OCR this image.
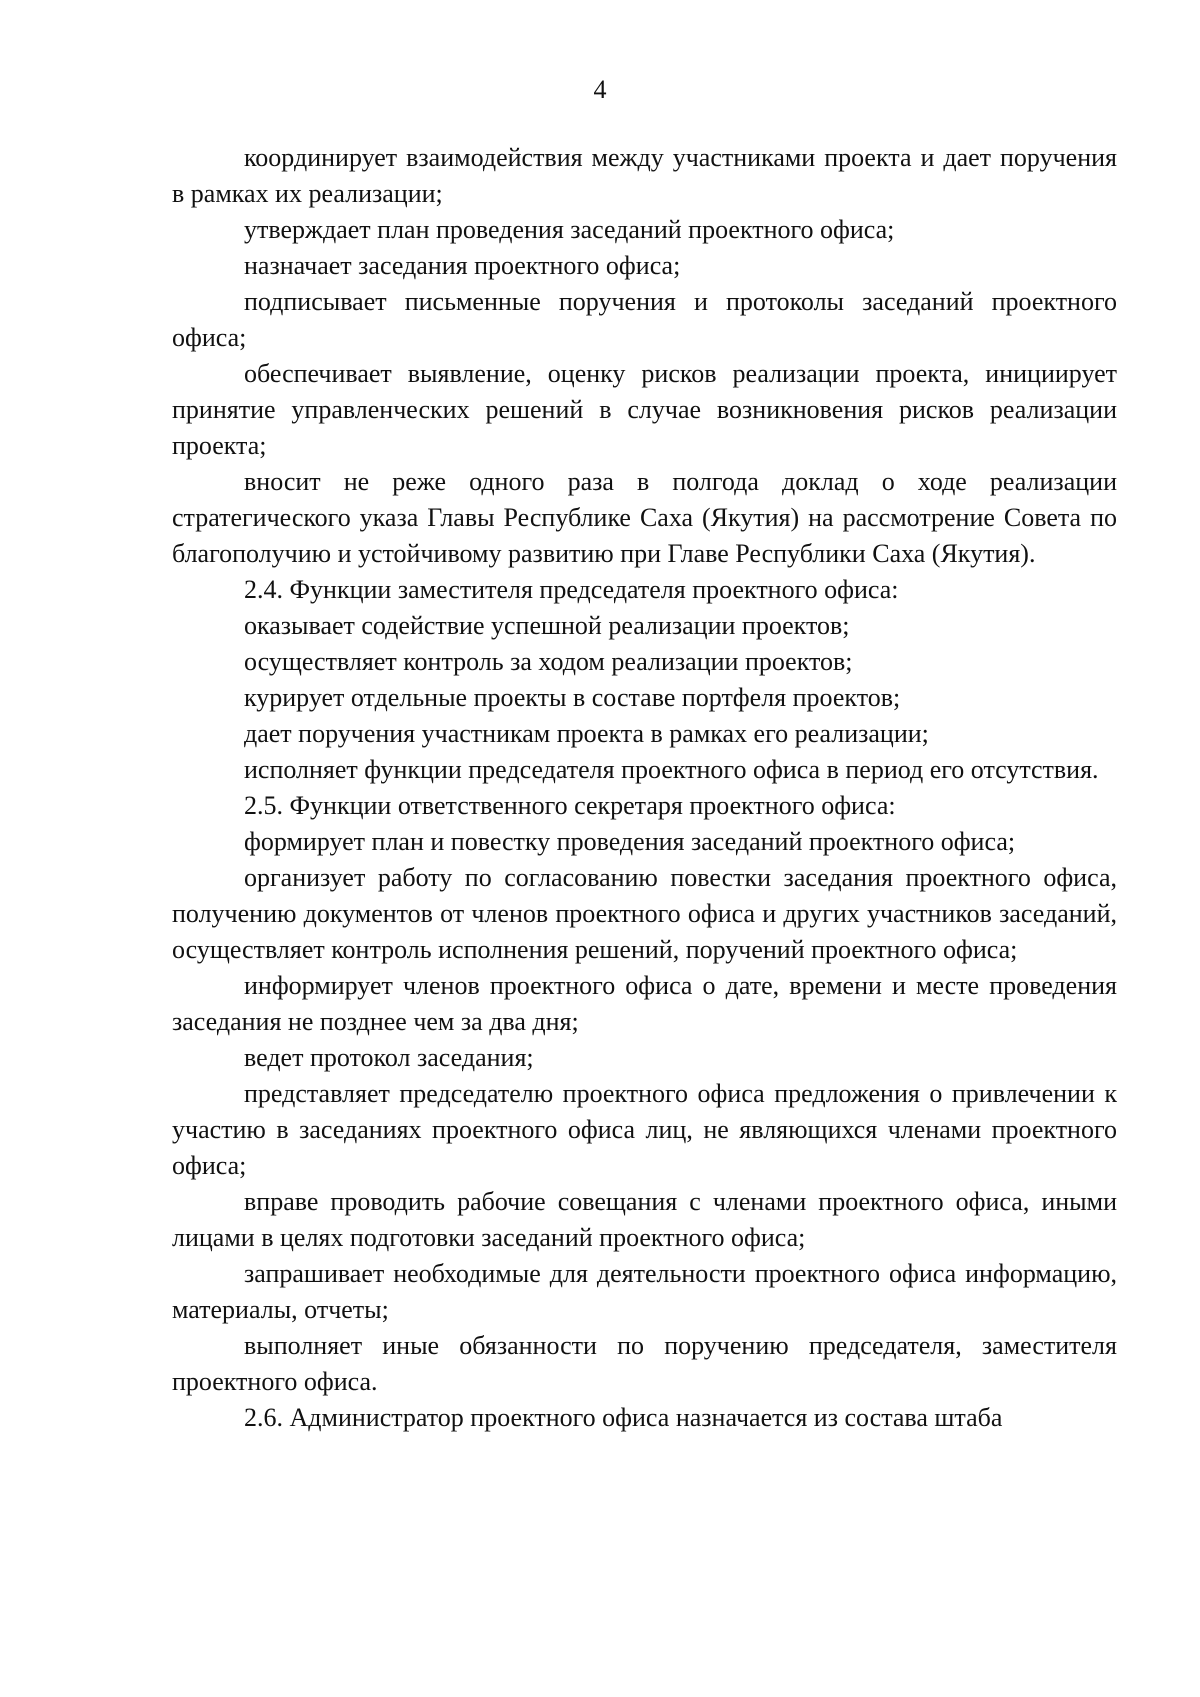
4

координирует взаимодействия между участниками проекта и дает поручения в рамках их реализации;

утверждает план проведения заседаний проектного офиса;

назначает заседания проектного офиса;

подписывает письменные поручения и протоколы заседаний проектного офиса;

обеспечивает выявление, оценку рисков реализации проекта, инициирует принятие управленческих решений в случае возникновения рисков реализации проекта;

вносит не реже одного раза в полгода доклад о ходе реализации стратегического указа Главы Республике Саха (Якутия) на рассмотрение Совета по благополучию и устойчивому развитию при Главе Республики Саха (Якутия).

2.4. Функции заместителя председателя проектного офиса:

оказывает содействие успешной реализации проектов;

осуществляет контроль за ходом реализации проектов;

курирует отдельные проекты в составе портфеля проектов;

дает поручения участникам проекта в рамках его реализации;

исполняет функции председателя проектного офиса в период его отсутствия.

2.5. Функции ответственного секретаря проектного офиса:

формирует план и повестку проведения заседаний проектного офиса;

организует работу по согласованию повестки заседания проектного офиса, получению документов от членов проектного офиса и других участников заседаний, осуществляет контроль исполнения решений, поручений проектного офиса;

информирует членов проектного офиса о дате, времени и месте проведения заседания не позднее чем за два дня;

ведет протокол заседания;

представляет председателю проектного офиса предложения о привлечении к участию в заседаниях проектного офиса лиц, не являющихся членами проектного офиса;

вправе проводить рабочие совещания с членами проектного офиса, иными лицами в целях подготовки заседаний проектного офиса;

запрашивает необходимые для деятельности проектного офиса информацию, материалы, отчеты;

выполняет иные обязанности по поручению председателя, заместителя проектного офиса.

2.6. Администратор проектного офиса назначается из состава штаба
